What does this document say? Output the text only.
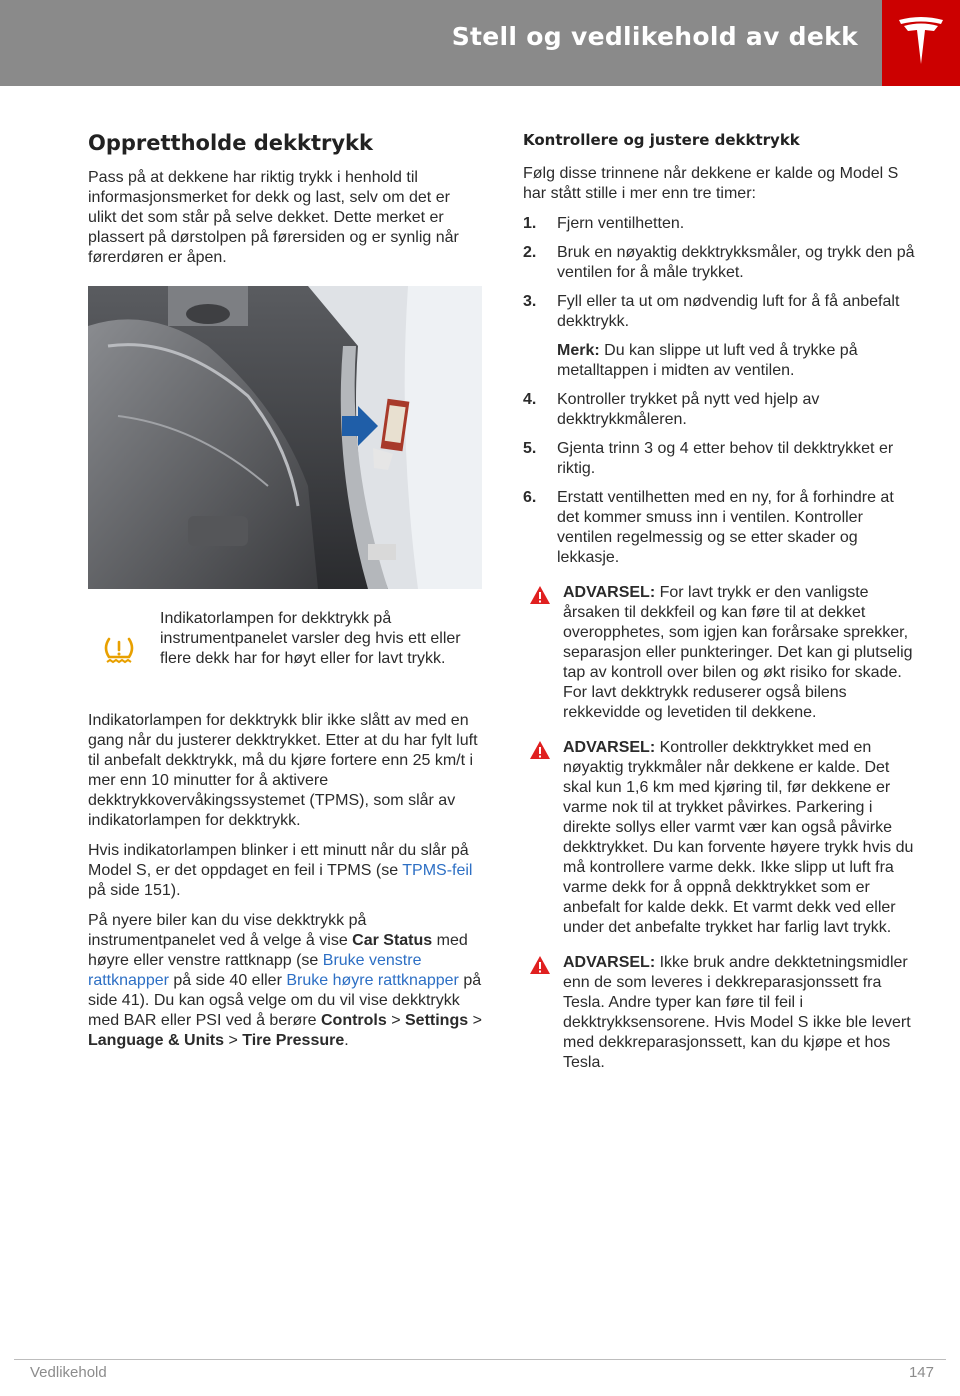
Stell og vedlikehold av dekk
Opprettholde dekktrykk

Pass på at dekkene har riktig trykk i henhold til informasjonsmerket for dekk og last, selv om det er ulikt det som står på selve dekket. Dette merket er plassert på dørstolpen på førersiden og er synlig når førerdøren er åpen.

Indikatorlampen for dekktrykk på instrumentpanelet varsler deg hvis ett eller flere dekk har for høyt eller for lavt trykk.

Indikatorlampen for dekktrykk blir ikke slått av med en gang når du justerer dekktrykket. Etter at du har fylt luft til anbefalt dekktrykk, må du kjøre fortere enn 25 km/t i mer enn 10 minutter for å aktivere dekktrykkovervåkingssystemet (TPMS), som slår av indikatorlampen for dekktrykk.

Hvis indikatorlampen blinker i ett minutt når du slår på Model S, er det oppdaget en feil i TPMS (se TPMS-feil på side 151).

På nyere biler kan du vise dekktrykk på instrumentpanelet ved å velge å vise Car Status med høyre eller venstre rattknapp (se Bruke venstre rattknapper på side 40 eller Bruke høyre rattknapper på side 41). Du kan også velge om du vil vise dekktrykk med BAR eller PSI ved å berøre Controls > Settings > Language & Units > Tire Pressure.

Kontrollere og justere dekktrykk

Følg disse trinnene når dekkene er kalde og Model S har stått stille i mer enn tre timer:

1. Fjern ventilhetten.
2. Bruk en nøyaktig dekktrykksmåler, og trykk den på ventilen for å måle trykket.
3. Fyll eller ta ut om nødvendig luft for å få anbefalt dekktrykk.

Merk: Du kan slippe ut luft ved å trykke på metalltappen i midten av ventilen.

4. Kontroller trykket på nytt ved hjelp av dekktrykkmåleren.
5. Gjenta trinn 3 og 4 etter behov til dekktrykket er riktig.
6. Erstatt ventilhetten med en ny, for å forhindre at det kommer smuss inn i ventilen. Kontroller ventilen regelmessig og se etter skader og lekkasje.
ADVARSEL: For lavt trykk er den vanligste årsaken til dekkfeil og kan føre til at dekket overopphetes, som igjen kan forårsake sprekker, separasjon eller punkteringer. Det kan gi plutselig tap av kontroll over bilen og økt risiko for skade. For lavt dekktrykk reduserer også bilens rekkevidde og levetiden til dekkene.
ADVARSEL: Kontroller dekktrykket med en nøyaktig trykkmåler når dekkene er kalde. Det skal kun 1,6 km med kjøring til, før dekkene er varme nok til at trykket påvirkes. Parkering i direkte sollys eller varmt vær kan også påvirke dekktrykket. Du kan forvente høyere trykk hvis du må kontrollere varme dekk. Ikke slipp ut luft fra varme dekk for å oppnå dekktrykket som er anbefalt for kalde dekk. Et varmt dekk ved eller under det anbefalte trykket har farlig lavt trykk.
ADVARSEL: Ikke bruk andre dekktetningsmidler enn de som leveres i dekkreparasjonssett fra Tesla. Andre typer kan føre til feil i dekktrykksensorene. Hvis Model S ikke ble levert med dekkreparasjonssett, kan du kjøpe et hos Tesla.
Vedlikehold	147
